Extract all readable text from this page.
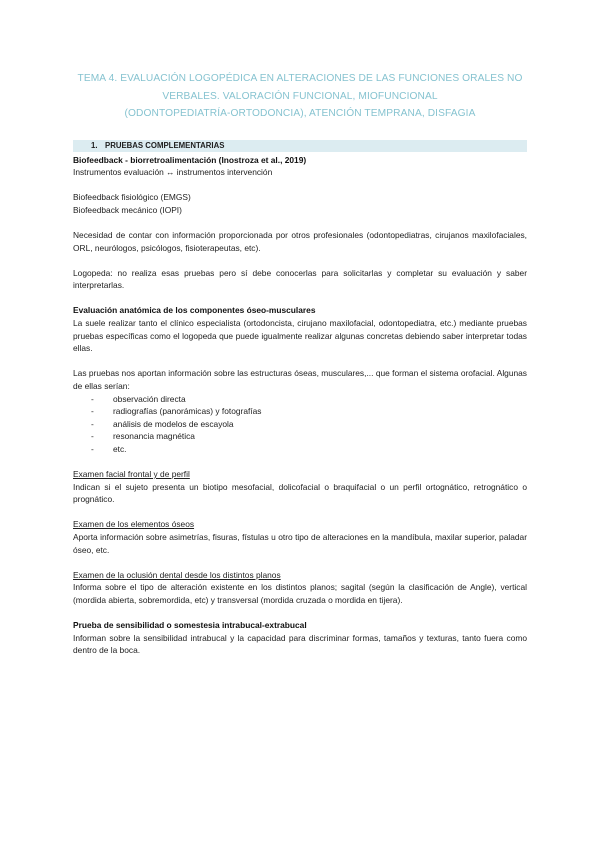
TEMA 4. EVALUACIÓN LOGOPÉDICA EN ALTERACIONES DE LAS FUNCIONES ORALES NO
VERBALES. VALORACIÓN FUNCIONAL, MIOFUNCIONAL
(ODONTOPEDIATRÍA-ORTODONCIA), ATENCIÓN TEMPRANA, DISFAGIA
1. PRUEBAS COMPLEMENTARIAS

Biofeedback - biorretroalimentación (Inostroza et al., 2019)

Instrumentos evaluación ↔ instrumentos intervención

Biofeedback fisiológico (EMGS)

Biofeedback mecánico (IOPI)

Necesidad de contar con información proporcionada por otros profesionales (odontopediatras, cirujanos maxilofaciales, ORL, neurólogos, psicólogos, fisioterapeutas, etc).

Logopeda: no realiza esas pruebas pero sí debe conocerlas para solicitarlas y completar su evaluación y saber interpretarlas.

Evaluación anatómica de los componentes óseo-musculares

La suele realizar tanto el clínico especialista (ortodoncista, cirujano maxilofacial, odontopediatra, etc.) mediante pruebas pruebas específicas como el logopeda que puede igualmente realizar algunas concretas debiendo saber interpretar todas ellas.

Las pruebas nos aportan información sobre las estructuras óseas, musculares,... que forman el sistema orofacial. Algunas de ellas serían:

- observación directa
- radiografías (panorámicas) y fotografías
- análisis de modelos de escayola
- resonancia magnética
- etc.

Examen facial frontal y de perfil

Indican si el sujeto presenta un biotipo mesofacial, dolicofacial o braquifacial o un perfil ortognático, retrognático o prognático.

Examen de los elementos óseos

Aporta información sobre asimetrías, fisuras, fístulas u otro tipo de alteraciones en la mandíbula, maxilar superior, paladar óseo, etc.

Examen de la oclusión dental desde los distintos planos

Informa sobre el tipo de alteración existente en los distintos planos; sagital (según la clasificación de Angle), vertical (mordida abierta, sobremordida, etc) y transversal (mordida cruzada o mordida en tijera).

Prueba de sensibilidad o somestesia intrabucal-extrabucal

Informan sobre la sensibilidad intrabucal y la capacidad para discriminar formas, tamaños y texturas, tanto fuera como dentro de la boca.
